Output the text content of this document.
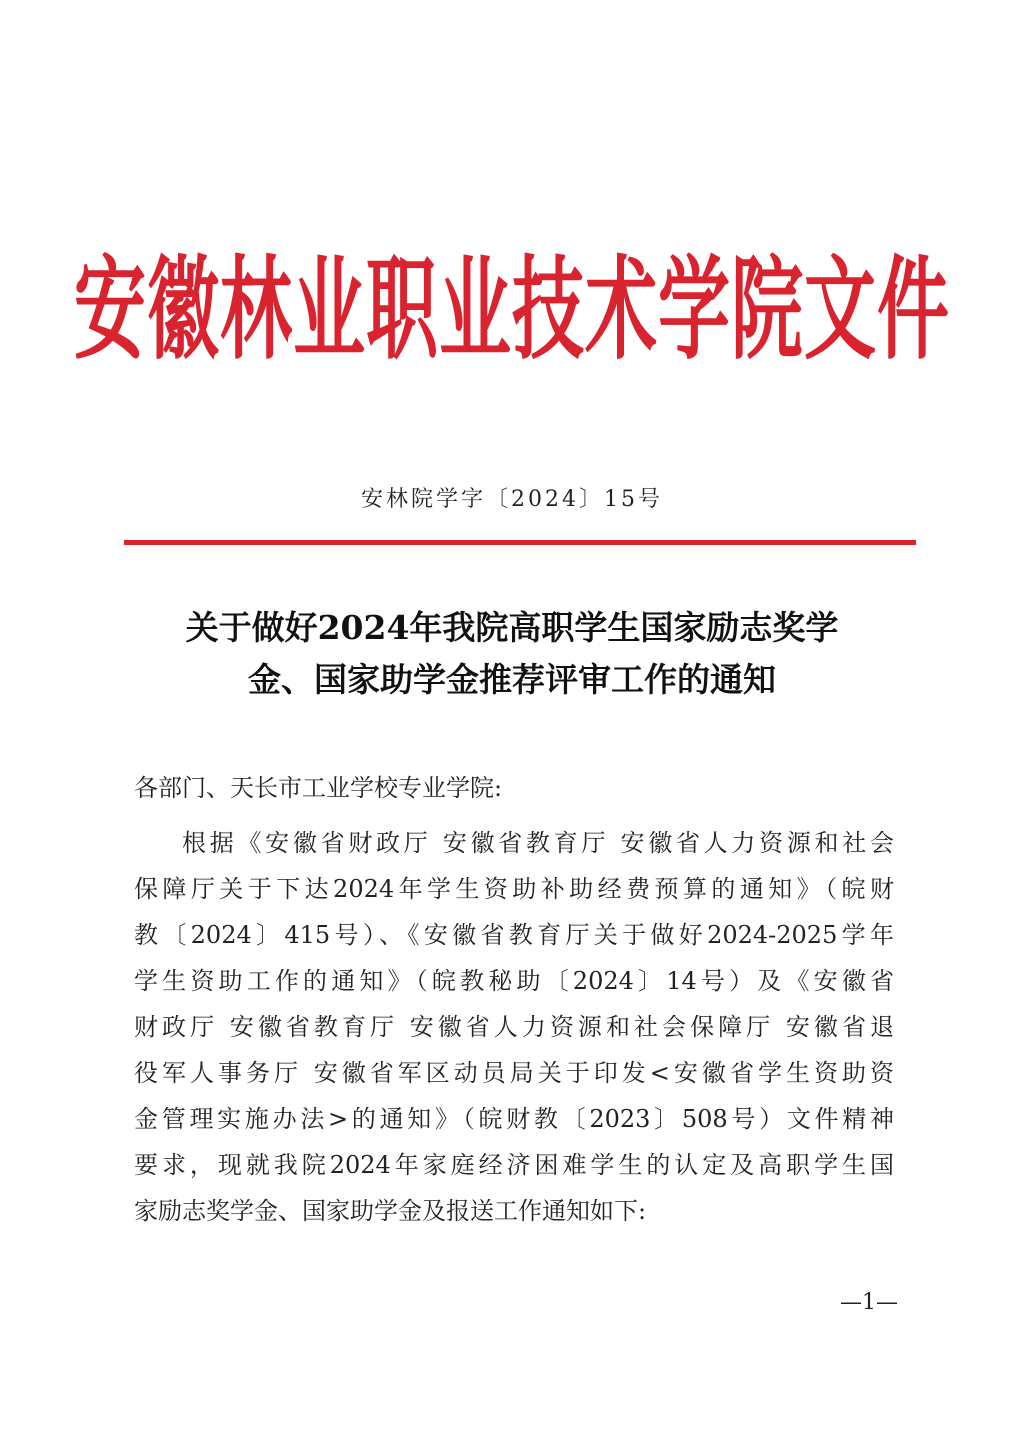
安徽林业职业技术学院文件
安林院学字〔2024〕15号
关于做好2024年我院高职学生国家励志奖学
金、国家助学金推荐评审工作的通知
各部门、天长市工业学校专业学院:
根据《安徽省财政厅 安徽省教育厅 安徽省人力资源和社会
保障厅关于下达2024年学生资助补助经费预算的通知》（皖财
教〔2024〕415号）、《安徽省教育厅关于做好2024-2025学年
学生资助工作的通知》（皖教秘助〔2024〕14号）及《安徽省
财政厅 安徽省教育厅 安徽省人力资源和社会保障厅 安徽省退
役军人事务厅 安徽省军区动员局关于印发<安徽省学生资助资
金管理实施办法>的通知》（皖财教〔2023〕508号）文件精神
要求，现就我院2024年家庭经济困难学生的认定及高职学生国
家励志奖学金、国家助学金及报送工作通知如下:
—1—
